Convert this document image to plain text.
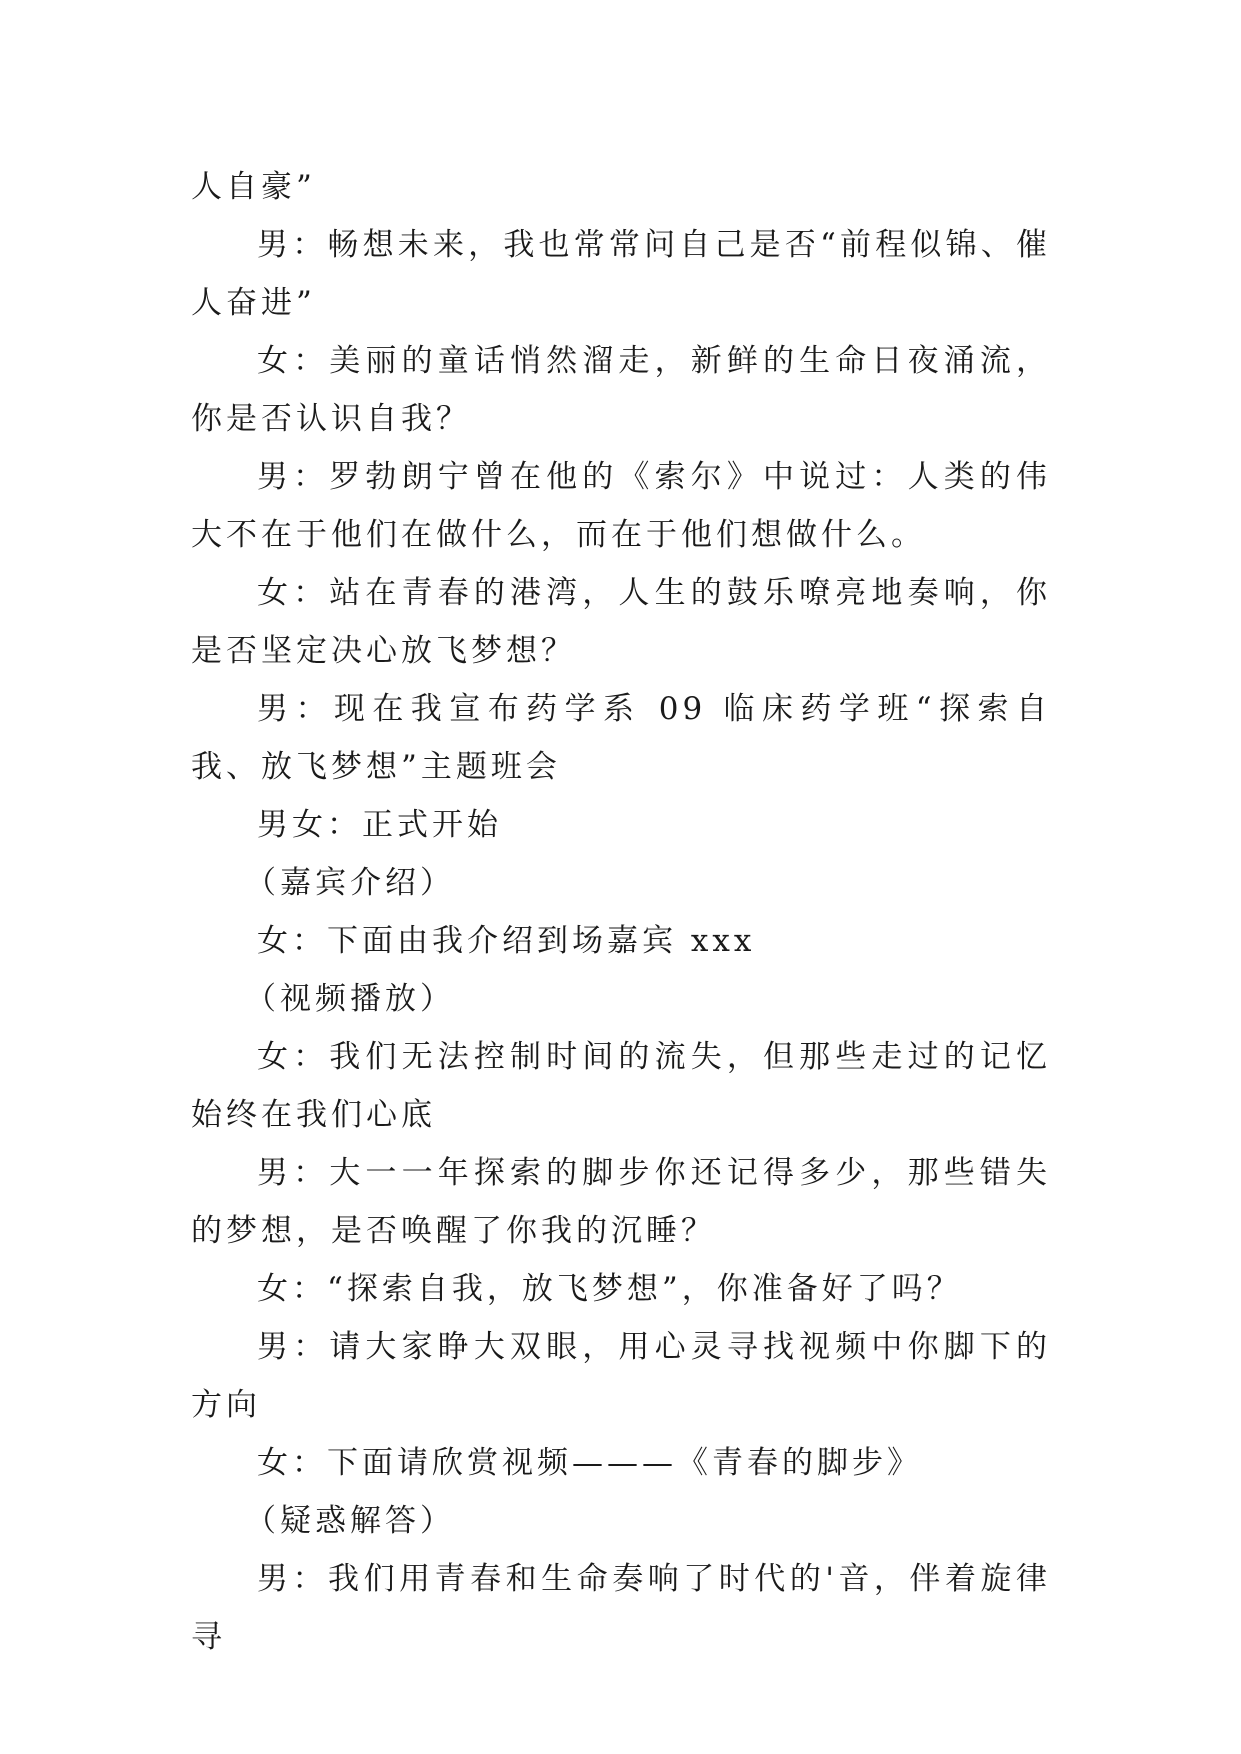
人自豪”

男：畅想未来，我也常常问自己是否“前程似锦、催人奋进”

女：美丽的童话悄然溜走，新鲜的生命日夜涌流，你是否认识自我？

男：罗勃朗宁曾在他的《索尔》中说过：人类的伟大不在于他们在做什么，而在于他们想做什么。

女：站在青春的港湾，人生的鼓乐嘹亮地奏响，你是否坚定决心放飞梦想？

男：现在我宣布药学系 09 临床药学班“探索自我、放飞梦想”主题班会

男女：正式开始

（嘉宾介绍）

女：下面由我介绍到场嘉宾 xxx

（视频播放）

女：我们无法控制时间的流失，但那些走过的记忆始终在我们心底

男：大一一年探索的脚步你还记得多少，那些错失的梦想，是否唤醒了你我的沉睡？

女：“探索自我，放飞梦想”，你准备好了吗？

男：请大家睁大双眼，用心灵寻找视频中你脚下的方向

女：下面请欣赏视频———《青春的脚步》

（疑惑解答）

男：我们用青春和生命奏响了时代的'音，伴着旋律寻
